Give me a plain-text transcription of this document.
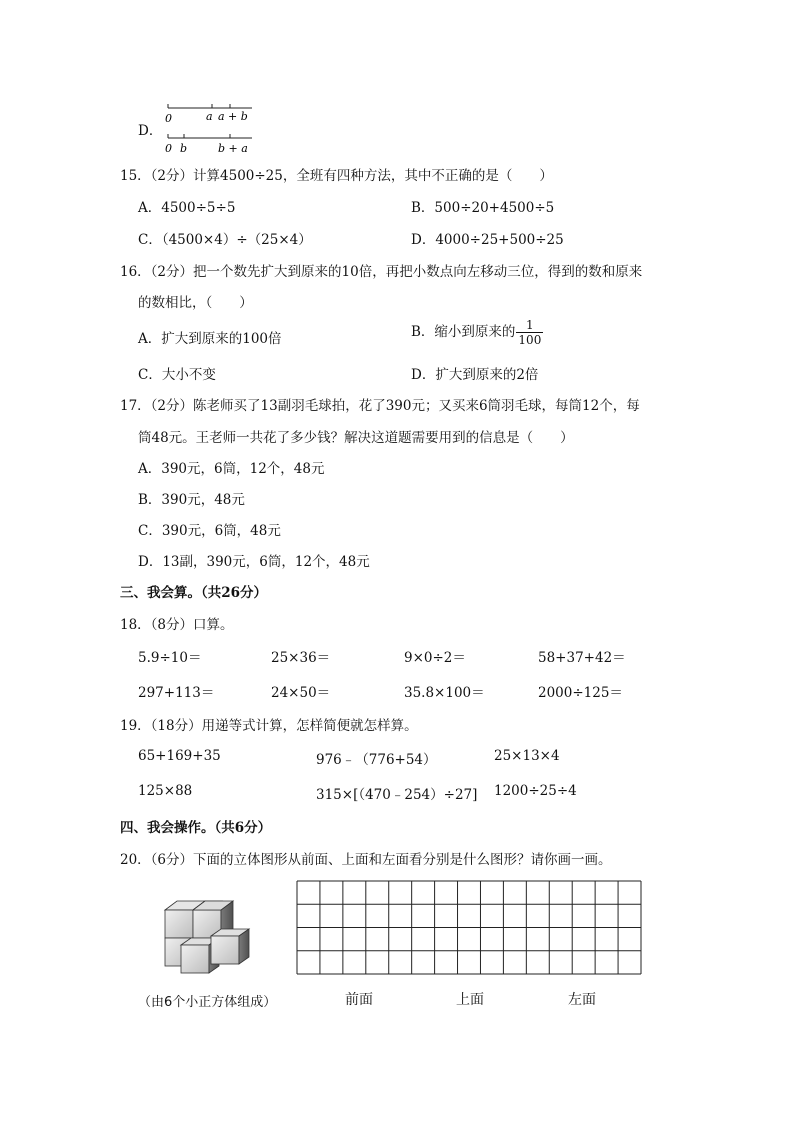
D．
0	a a + b
0 b	b + a
15．（2分）计算4500÷25，全班有四种方法，其中不正确的是（　　）
A．4500÷5÷5	B．500÷20+4500÷5
C．（4500×4）÷（25×4）	D．4000÷25+500÷25
16．（2分）把一个数先扩大到原来的10倍，再把小数点向左移动三位，得到的数和原来
的数相比，（　　）
A．扩大到原来的100倍	B．缩小到原来的 $\frac{1}{100}$
C．大小不变	D．扩大到原来的2倍
17．（2分）陈老师买了13副羽毛球拍，花了390元；又买来6筒羽毛球，每筒12个，每
筒48元。王老师一共花了多少钱？解决这道题需要用到的信息是（　　）
A．390元，6筒，12个，48元
B．390元，48元
C．390元，6筒，48元
D．13副，390元，6筒，12个，48元
三、我会算。（共26分）
18．（8分）口算。
5.9÷10＝	25×36＝	9×0÷2＝	58+37+42＝
297+113＝	24×50＝	35.8×100＝	2000÷125＝
19．（18分）用递等式计算，怎样简便就怎样算。
65+169+35	976﹣（776+54）	25×13×4
125×88	315×[（470﹣254）÷27] 1200÷25÷4
四、我会操作。（共6分）
20．（6分）下面的立体图形从前面、上面和左面看分别是什么图形？请你画一画。
（由6个小正方体组成）	前面	上面	左面
